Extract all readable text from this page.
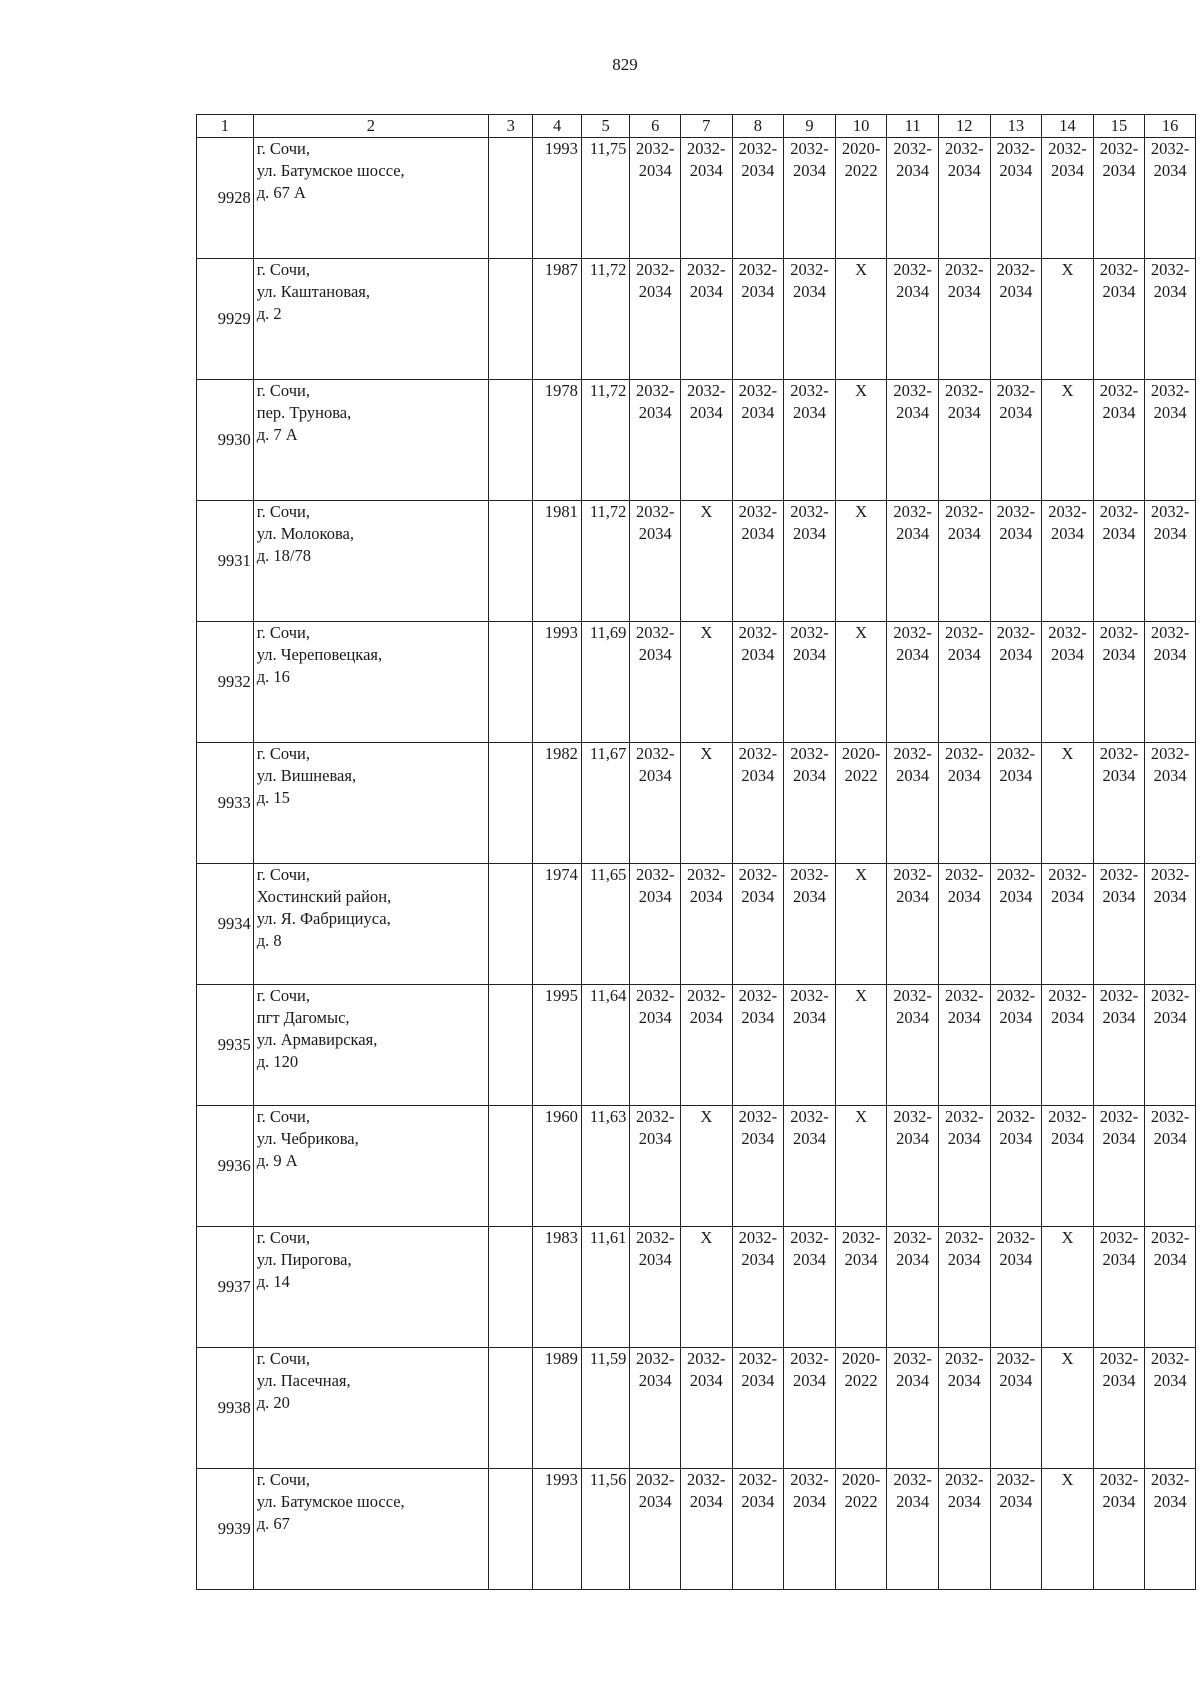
829
1	2	3	4	5	6	7	8	9	10	11	12	13	14	15	16
9928	г. Сочи,
ул. Батумское шоссе,
д. 67 А		1993	11,75	2032-
2034	2032-
2034	2032-
2034	2032-
2034	2020-
2022	2032-
2034	2032-
2034	2032-
2034	2032-
2034	2032-
2034	2032-
2034

9929	г. Сочи,
ул. Каштановая,
д. 2		1987	11,72	2032-
2034	2032-
2034	2032-
2034	2032-
2034	X	2032-
2034	2032-
2034	2032-
2034	X	2032-
2034	2032-
2034

9930	г. Сочи,
пер. Трунова,
д. 7 А		1978	11,72	2032-
2034	2032-
2034	2032-
2034	2032-
2034	X	2032-
2034	2032-
2034	2032-
2034	X	2032-
2034	2032-
2034

9931	г. Сочи,
ул. Молокова,
д. 18/78		1981	11,72	2032-
2034	X	2032-
2034	2032-
2034	X	2032-
2034	2032-
2034	2032-
2034	2032-
2034	2032-
2034	2032-
2034

9932	г. Сочи,
ул. Череповецкая,
д. 16		1993	11,69	2032-
2034	X	2032-
2034	2032-
2034	X	2032-
2034	2032-
2034	2032-
2034	2032-
2034	2032-
2034	2032-
2034

9933	г. Сочи,
ул. Вишневая,
д. 15		1982	11,67	2032-
2034	X	2032-
2034	2032-
2034	2020-
2022	2032-
2034	2032-
2034	2032-
2034	X	2032-
2034	2032-
2034

9934	г. Сочи,
Хостинский район,
ул. Я. Фабрициуса,
д. 8		1974	11,65	2032-
2034	2032-
2034	2032-
2034	2032-
2034	X	2032-
2034	2032-
2034	2032-
2034	2032-
2034	2032-
2034	2032-
2034

9935	г. Сочи,
пгт Дагомыс,
ул. Армавирская,
д. 120		1995	11,64	2032-
2034	2032-
2034	2032-
2034	2032-
2034	X	2032-
2034	2032-
2034	2032-
2034	2032-
2034	2032-
2034	2032-
2034

9936	г. Сочи,
ул. Чебрикова,
д. 9 А		1960	11,63	2032-
2034	X	2032-
2034	2032-
2034	X	2032-
2034	2032-
2034	2032-
2034	2032-
2034	2032-
2034	2032-
2034

9937	г. Сочи,
ул. Пирогова,
д. 14		1983	11,61	2032-
2034	X	2032-
2034	2032-
2034	2032-
2034	2032-
2034	2032-
2034	2032-
2034	X	2032-
2034	2032-
2034

9938	г. Сочи,
ул. Пасечная,
д. 20		1989	11,59	2032-
2034	2032-
2034	2032-
2034	2032-
2034	2020-
2022	2032-
2034	2032-
2034	2032-
2034	X	2032-
2034	2032-
2034

9939	г. Сочи,
ул. Батумское шоссе,
д. 67		1993	11,56	2032-
2034	2032-
2034	2032-
2034	2032-
2034	2020-
2022	2032-
2034	2032-
2034	2032-
2034	X	2032-
2034	2032-
2034
